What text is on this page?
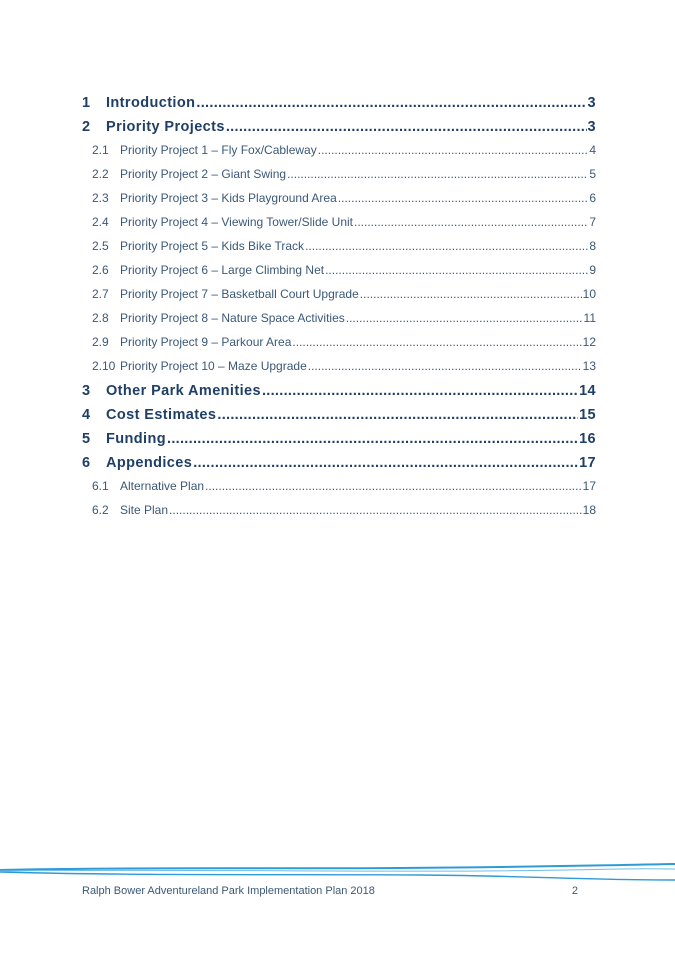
1	Introduction .....	3
2	Priority Projects .....	3
2.1 Priority Project 1 – Fly Fox/Cableway .....	4
2.2 Priority Project 2 – Giant Swing .....	5
2.3 Priority Project 3 – Kids Playground Area .....	6
2.4 Priority Project 4 – Viewing Tower/Slide Unit .....	7
2.5 Priority Project 5 – Kids Bike Track .....	8
2.6 Priority Project 6 – Large Climbing Net .....	9
2.7 Priority Project 7 – Basketball Court Upgrade .....	10
2.8 Priority Project 8 – Nature Space Activities .....	11
2.9 Priority Project 9 – Parkour Area .....	12
2.10 Priority Project 10 – Maze Upgrade .....	13
3	Other Park Amenities .....	14
4	Cost Estimates .....	15
5	Funding .....	16
6	Appendices .....	17
6.1 Alternative Plan .....	17
6.2 Site Plan .....	18
Ralph Bower Adventureland Park Implementation Plan 2018	2
